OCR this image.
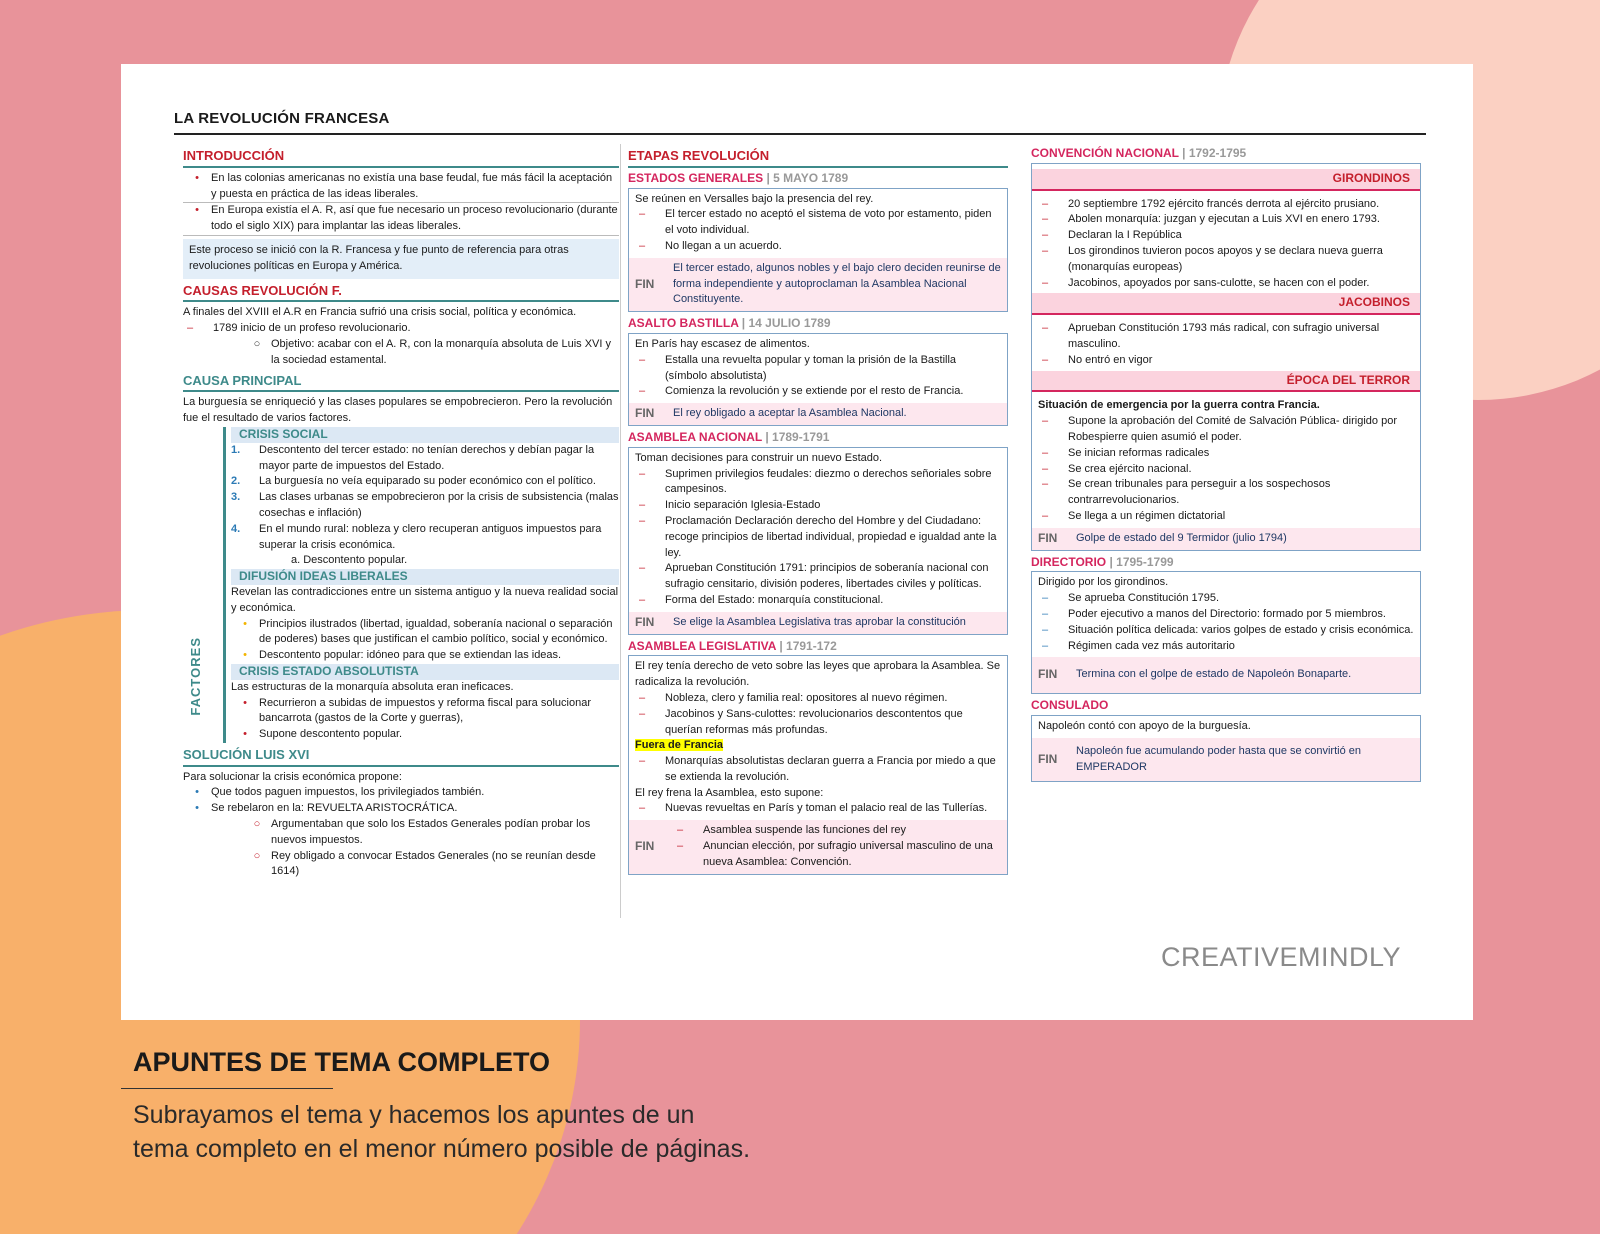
LA REVOLUCIÓN FRANCESA
INTRODUCCIÓN
•	En las colonias americanas no existía una base feudal, fue más fácil la aceptación y puesta en práctica de las ideas liberales.
•	En Europa existía el A. R, así que fue necesario un proceso revolucionario (durante todo el siglo XIX) para implantar las ideas liberales.
Este proceso se inició con la R. Francesa y fue punto de referencia para otras revoluciones políticas en Europa y América.
CAUSAS REVOLUCIÓN F.

A finales del XVIII el A.R en Francia sufrió una crisis social, política y económica.

–	1789 inicio de un profeso revolucionario.
○ Objetivo: acabar con el A. R, con la monarquía absoluta de Luis XVI y la sociedad estamental.
CAUSA PRINCIPAL

La burguesía se enriqueció y las clases populares se empobrecieron. Pero la revolución fue el resultado de varios factores.

FACTORES
CRISIS SOCIAL
1.	Descontento del tercer estado: no tenían derechos y debían pagar la mayor parte de impuestos del Estado.
2.	La burguesía no veía equiparado su poder económico con el político.
3.	Las clases urbanas se empobrecieron por la crisis de subsistencia (malas cosechas e inflación)
4.	En el mundo rural: nobleza y clero recuperan antiguos impuestos para superar la crisis económica.

a. Descontento popular.

DIFUSIÓN IDEAS LIBERALES

Revelan las contradicciones entre un sistema antiguo y la nueva realidad social y económica.

•	Principios ilustrados (libertad, igualdad, soberanía nacional o separación de poderes) bases que justifican el cambio político, social y económico.
•	Descontento popular: idóneo para que se extiendan las ideas.
CRISIS ESTADO ABSOLUTISTA

Las estructuras de la monarquía absoluta eran ineficaces.

•	Recurrieron a subidas de impuestos y reforma fiscal para solucionar bancarrota (gastos de la Corte y guerras),
•	Supone descontento popular.
SOLUCIÓN LUIS XVI

Para solucionar la crisis económica propone:

•	Que todos paguen impuestos, los privilegiados también.
•	Se rebelaron en la: REVUELTA ARISTOCRÁTICA.
○ Argumentaban que solo los Estados Generales podían probar los nuevos impuestos.
○ Rey obligado a convocar Estados Generales (no se reunían desde 1614)
ETAPAS REVOLUCIÓN
ESTADOS GENERALES | 5 MAYO 1789

Se reúnen en Versalles bajo la presencia del rey.

–	El tercer estado no aceptó el sistema de voto por estamento, piden el voto individual.
–	No llegan a un acuerdo.
FIN
El tercer estado, algunos nobles y el bajo clero deciden reunirse de forma independiente y autoproclaman la Asamblea Nacional Constituyente.
ASALTO BASTILLA | 14 JULIO 1789

En París hay escasez de alimentos.

–	Estalla una revuelta popular y toman la prisión de la Bastilla (símbolo absolutista)
–	Comienza la revolución y se extiende por el resto de Francia.
FIN	El rey obligado a aceptar la Asamblea Nacional.
ASAMBLEA NACIONAL | 1789-1791

Toman decisiones para construir un nuevo Estado.

–	Suprimen privilegios feudales: diezmo o derechos señoriales sobre campesinos.
–	Inicio separación Iglesia-Estado
–	Proclamación Declaración derecho del Hombre y del Ciudadano: recoge principios de libertad individual, propiedad e igualdad ante la ley.
–	Aprueban Constitución 1791: principios de soberanía nacional con sufragio censitario, división poderes, libertades civiles y políticas.
–	Forma del Estado: monarquía constitucional.
FIN	Se elige la Asamblea Legislativa tras aprobar la constitución
ASAMBLEA LEGISLATIVA | 1791-172

El rey tenía derecho de veto sobre las leyes que aprobara la Asamblea. Se radicaliza la revolución.

–	Nobleza, clero y familia real: opositores al nuevo régimen.
–	Jacobinos y Sans-culottes: revolucionarios descontentos que querían reformas más profundas.

Fuera de Francia

–	Monarquías absolutistas declaran guerra a Francia por miedo a que se extienda la revolución.

El rey frena la Asamblea, esto supone:

–	Nuevas revueltas en París y toman el palacio real de las Tullerías.
FIN
–	Asamblea suspende las funciones del rey
–	Anuncian elección, por sufragio universal masculino de una nueva Asamblea: Convención.
CONVENCIÓN NACIONAL | 1792-1795
GIRONDINOS
–	20 septiembre 1792 ejército francés derrota al ejército prusiano.
–	Abolen monarquía: juzgan y ejecutan a Luis XVI en enero 1793.
–	Declaran la I República
–	Los girondinos tuvieron pocos apoyos y se declara nueva guerra (monarquías europeas)
–	Jacobinos, apoyados por sans-culotte, se hacen con el poder.
JACOBINOS
–	Aprueban Constitución 1793 más radical, con sufragio universal masculino.
–	No entró en vigor
ÉPOCA DEL TERROR

Situación de emergencia por la guerra contra Francia.

–	Supone la aprobación del Comité de Salvación Pública- dirigido por Robespierre quien asumió el poder.
–	Se inician reformas radicales
–	Se crea ejército nacional.
–	Se crean tribunales para perseguir a los sospechosos contrarrevolucionarios.
–	Se llega a un régimen dictatorial
FIN	Golpe de estado del 9 Termidor (julio 1794)
DIRECTORIO | 1795-1799

Dirigido por los girondinos.

–	Se aprueba Constitución 1795.
–	Poder ejecutivo a manos del Directorio: formado por 5 miembros.
–	Situación política delicada: varios golpes de estado y crisis económica.
–	Régimen cada vez más autoritario
FIN	Termina con el golpe de estado de Napoleón Bonaparte.
CONSULADO

Napoleón contó con apoyo de la burguesía.

FIN
Napoleón fue acumulando poder hasta que se convirtió en EMPERADOR
CREATIVEMINDLY
APUNTES DE TEMA COMPLETO
Subrayamos el tema y hacemos los apuntes de un tema completo en el menor número posible de páginas.
